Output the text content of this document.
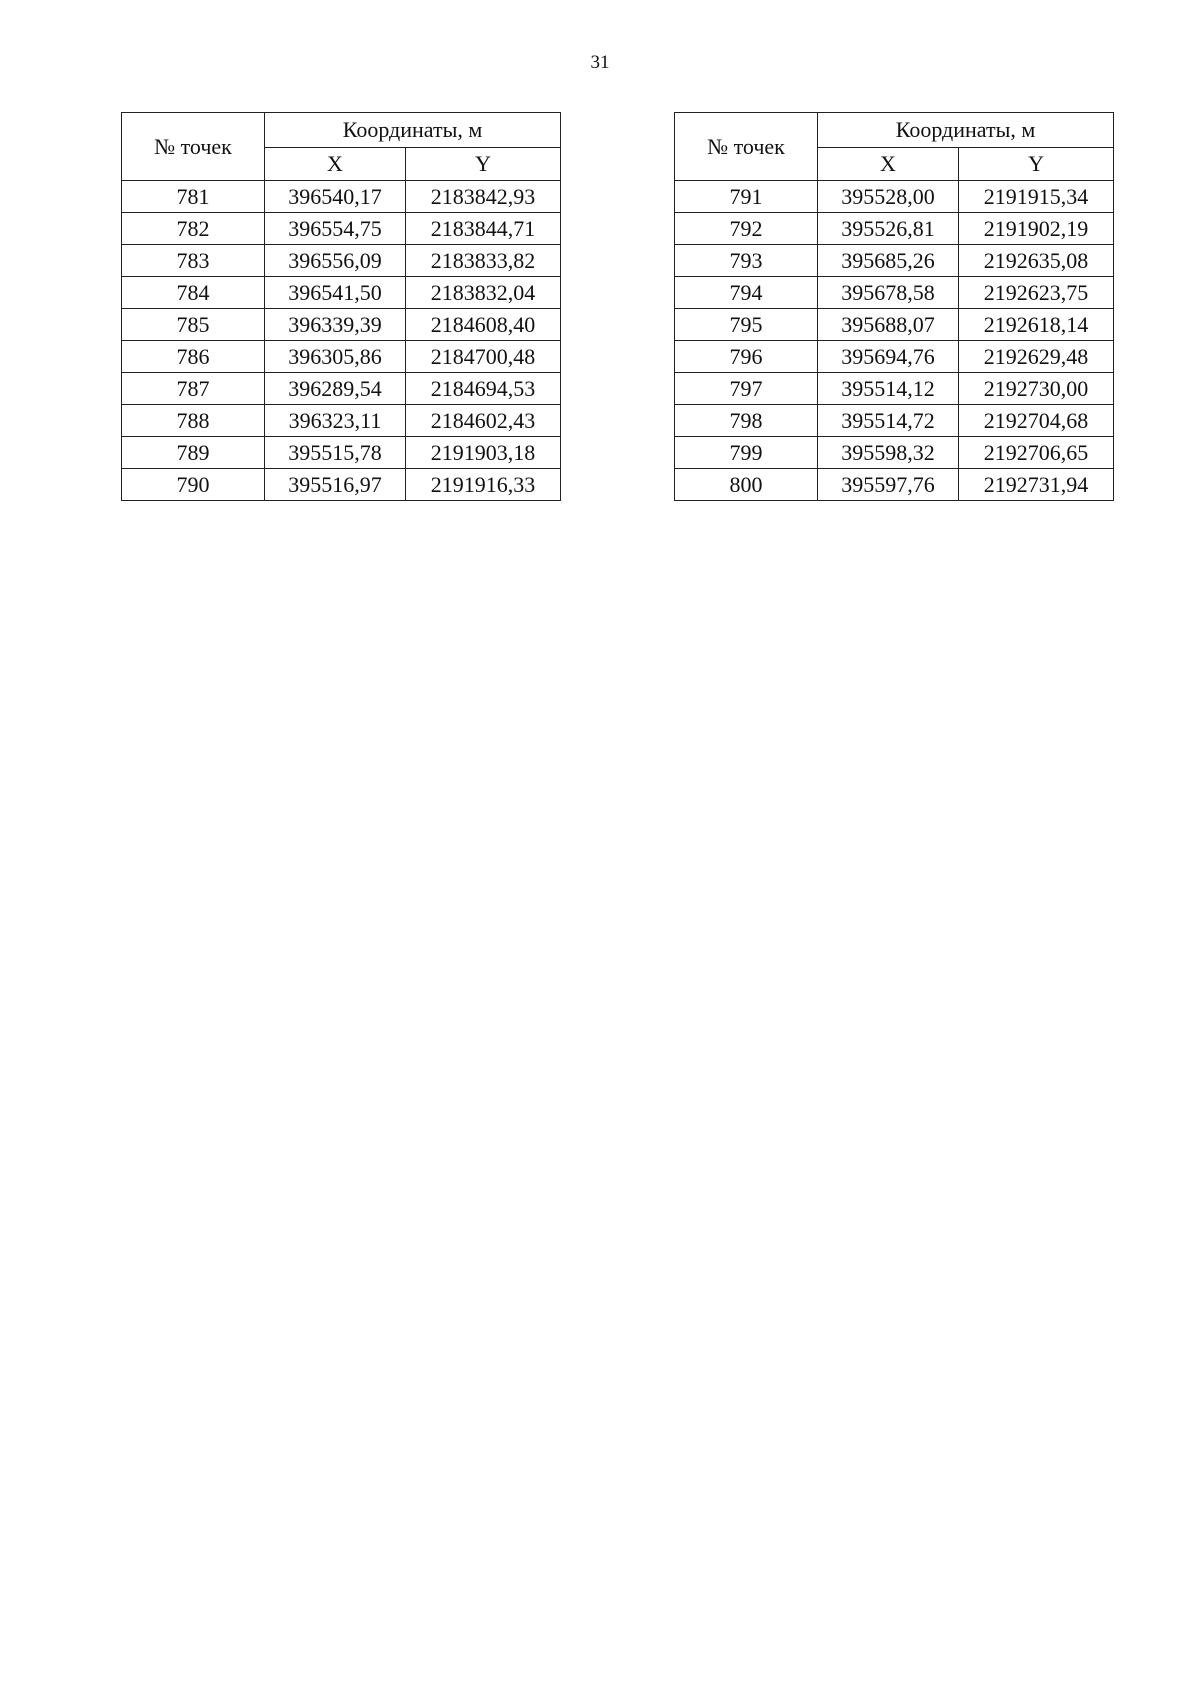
31
№ точек	Координаты, м	
	X	Y
781	396540,17	2183842,93
782	396554,75	2183844,71
783	396556,09	2183833,82
784	396541,50	2183832,04
785	396339,39	2184608,40
786	396305,86	2184700,48
787	396289,54	2184694,53
788	396323,11	2184602,43
789	395515,78	2191903,18
790	395516,97	2191916,33
№ точек	Координаты, м	
	X	Y
791	395528,00	2191915,34
792	395526,81	2191902,19
793	395685,26	2192635,08
794	395678,58	2192623,75
795	395688,07	2192618,14
796	395694,76	2192629,48
797	395514,12	2192730,00
798	395514,72	2192704,68
799	395598,32	2192706,65
800	395597,76	2192731,94
